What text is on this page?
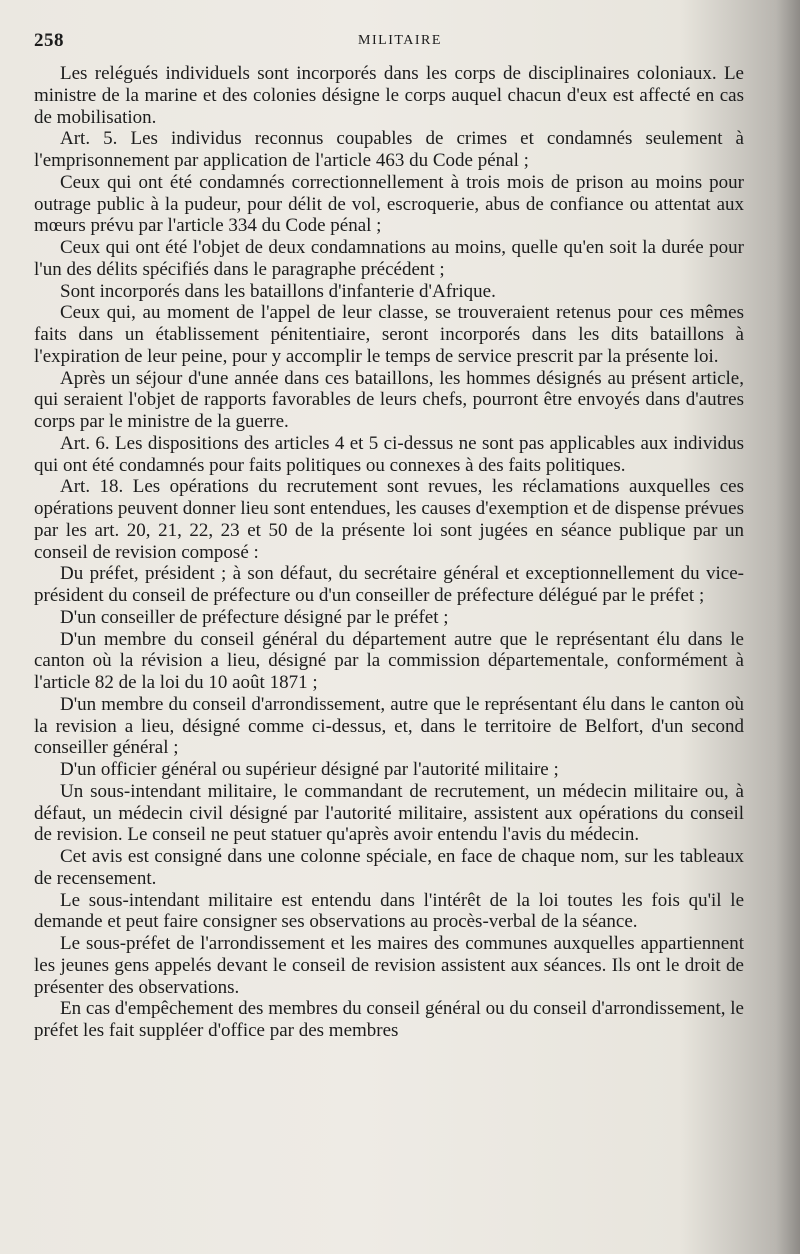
258	MILITAIRE

Les relégués individuels sont incorporés dans les corps de disciplinaires coloniaux. Le ministre de la marine et des colonies désigne le corps auquel chacun d'eux est affecté en cas de mobilisation.

Art. 5. Les individus reconnus coupables de crimes et condamnés seulement à l'emprisonnement par application de l'article 463 du Code pénal ;

Ceux qui ont été condamnés correctionnellement à trois mois de prison au moins pour outrage public à la pudeur, pour délit de vol, escroquerie, abus de confiance ou attentat aux mœurs prévu par l'article 334 du Code pénal ;

Ceux qui ont été l'objet de deux condamnations au moins, quelle qu'en soit la durée pour l'un des délits spécifiés dans le paragraphe précédent ;

Sont incorporés dans les bataillons d'infanterie d'Afrique.

Ceux qui, au moment de l'appel de leur classe, se trouveraient retenus pour ces mêmes faits dans un établissement pénitentiaire, seront incorporés dans les dits bataillons à l'expiration de leur peine, pour y accomplir le temps de service prescrit par la présente loi.

Après un séjour d'une année dans ces bataillons, les hommes désignés au présent article, qui seraient l'objet de rapports favorables de leurs chefs, pourront être envoyés dans d'autres corps par le ministre de la guerre.

Art. 6. Les dispositions des articles 4 et 5 ci-dessus ne sont pas applicables aux individus qui ont été condamnés pour faits politiques ou connexes à des faits politiques.

Art. 18. Les opérations du recrutement sont revues, les réclamations auxquelles ces opérations peuvent donner lieu sont entendues, les causes d'exemption et de dispense prévues par les art. 20, 21, 22, 23 et 50 de la présente loi sont jugées en séance publique par un conseil de revision composé :

Du préfet, président ; à son défaut, du secrétaire général et exceptionnellement du vice-président du conseil de préfecture ou d'un conseiller de préfecture délégué par le préfet ;

D'un conseiller de préfecture désigné par le préfet ;

D'un membre du conseil général du département autre que le représentant élu dans le canton où la révision a lieu, désigné par la commission départementale, conformément à l'article 82 de la loi du 10 août 1871 ;

D'un membre du conseil d'arrondissement, autre que le représentant élu dans le canton où la revision a lieu, désigné comme ci-dessus, et, dans le territoire de Belfort, d'un second conseiller général ;

D'un officier général ou supérieur désigné par l'autorité militaire ;

Un sous-intendant militaire, le commandant de recrutement, un médecin militaire ou, à défaut, un médecin civil désigné par l'autorité militaire, assistent aux opérations du conseil de revision. Le conseil ne peut statuer qu'après avoir entendu l'avis du médecin.

Cet avis est consigné dans une colonne spéciale, en face de chaque nom, sur les tableaux de recensement.

Le sous-intendant militaire est entendu dans l'intérêt de la loi toutes les fois qu'il le demande et peut faire consigner ses observations au procès-verbal de la séance.

Le sous-préfet de l'arrondissement et les maires des communes auxquelles appartiennent les jeunes gens appelés devant le conseil de revision assistent aux séances. Ils ont le droit de présenter des observations.

En cas d'empêchement des membres du conseil général ou du conseil d'arrondissement, le préfet les fait suppléer d'office par des membres
